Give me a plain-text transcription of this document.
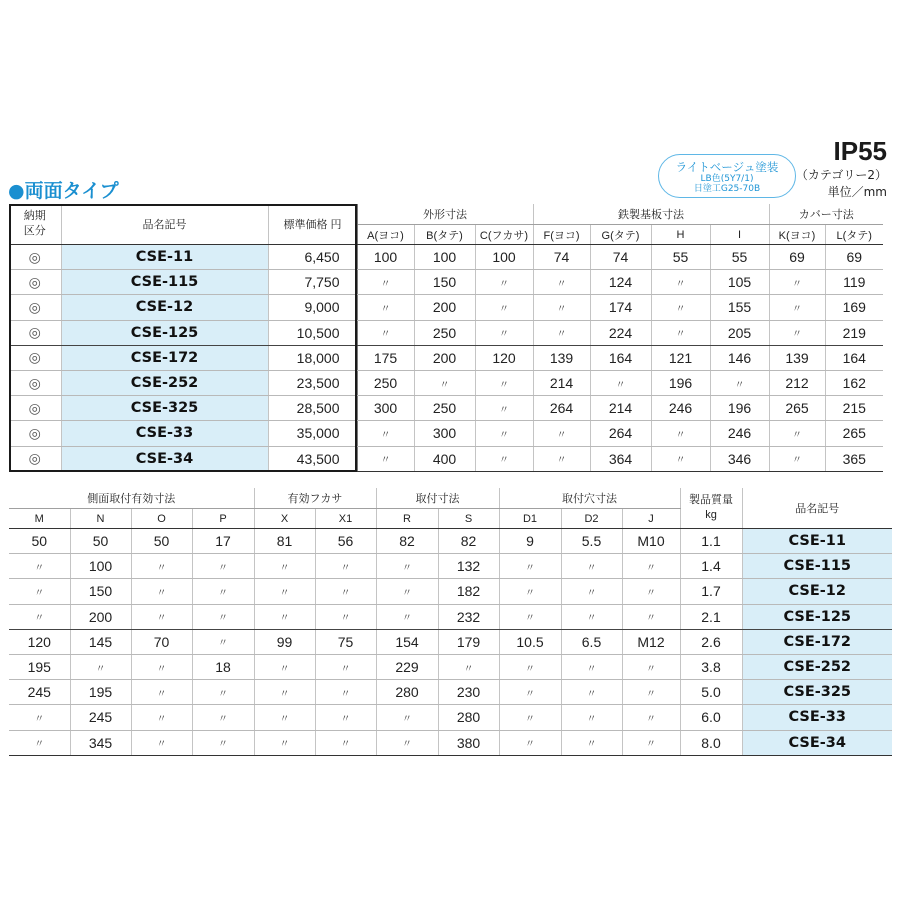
●両面タイプ
IP55
（カテゴリー2）
単位／mm
ライトベージュ塗装
LB色(5Y7/1)
日塗工G25-70B
納期区分	品名記号	標準価格 円	外形寸法			鉄製基板寸法				カバー寸法	
			A(ヨコ)	B(タテ)	C(フカサ)	F(ヨコ)	G(タテ)	H	I	K(ヨコ)	L(タテ)
◎	CSE-11	6,450	100	100	100	74	74	55	55	69	69
◎	CSE-115	7,750	〃	150	〃	〃	124	〃	105	〃	119
◎	CSE-12	9,000	〃	200	〃	〃	174	〃	155	〃	169
◎	CSE-125	10,500	〃	250	〃	〃	224	〃	205	〃	219
◎	CSE-172	18,000	175	200	120	139	164	121	146	139	164
◎	CSE-252	23,500	250	〃	〃	214	〃	196	〃	212	162
◎	CSE-325	28,500	300	250	〃	264	214	246	196	265	215
◎	CSE-33	35,000	〃	300	〃	〃	264	〃	246	〃	265
◎	CSE-34	43,500	〃	400	〃	〃	364	〃	346	〃	365
側面取付有効寸法				有効フカサ		取付寸法		取付穴寸法			製品質量
kg	品名記号
M	N	O	P	X	X1	R	S	D1	D2	J		
50	50	50	17	81	56	82	82	9	5.5	M10	1.1	CSE-11
〃	100	〃	〃	〃	〃	〃	132	〃	〃	〃	1.4	CSE-115
〃	150	〃	〃	〃	〃	〃	182	〃	〃	〃	1.7	CSE-12
〃	200	〃	〃	〃	〃	〃	232	〃	〃	〃	2.1	CSE-125
120	145	70	〃	99	75	154	179	10.5	6.5	M12	2.6	CSE-172
195	〃	〃	18	〃	〃	229	〃	〃	〃	〃	3.8	CSE-252
245	195	〃	〃	〃	〃	280	230	〃	〃	〃	5.0	CSE-325
〃	245	〃	〃	〃	〃	〃	280	〃	〃	〃	6.0	CSE-33
〃	345	〃	〃	〃	〃	〃	380	〃	〃	〃	8.0	CSE-34
